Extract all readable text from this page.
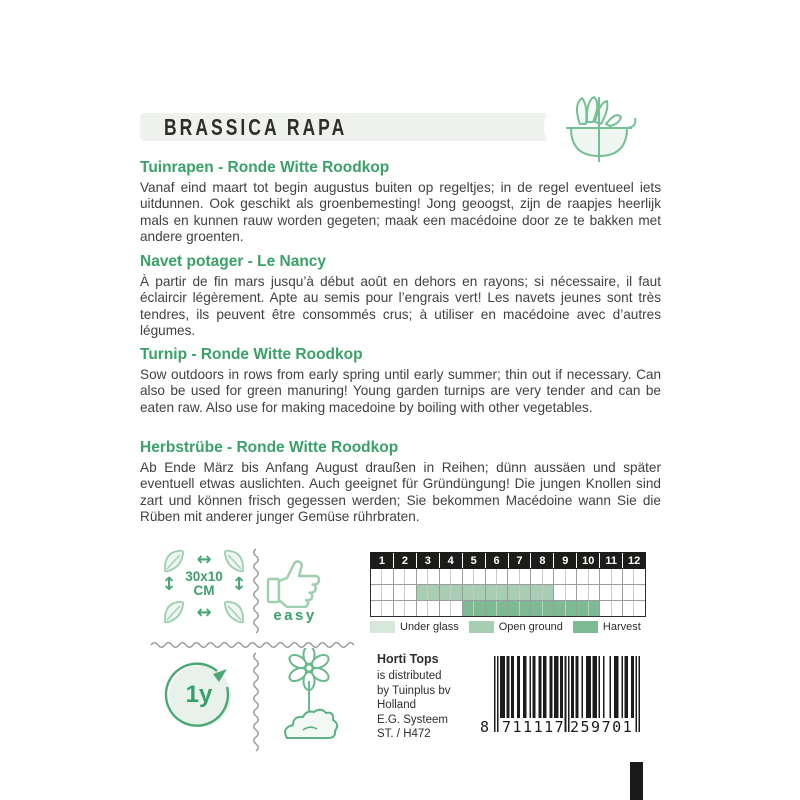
BRASSICA RAPA

Tuinrapen - Ronde Witte Roodkop

Vanaf eind maart tot begin augustus buiten op regeltjes; in de regel eventueel iets uitdunnen. Ook geschikt als groenbemesting! Jong geoogst, zijn de raapjes heerlijk mals en kunnen rauw worden gegeten; maak een macédoine door ze te bakken met andere groenten.

Navet potager - Le Nancy

À partir de fin mars jusqu’à début août en dehors en rayons; si nécessaire, il faut éclaircir légèrement. Apte au semis pour l’engrais vert! Les navets jeunes sont très tendres, ils peuvent être consommés crus; à utiliser en macédoine avec d’autres légumes.

Turnip - Ronde Witte Roodkop

Sow outdoors in rows from early spring until early summer; thin out if necessary. Can also be used for green manuring! Young garden turnips are very tender and can be eaten raw. Also use for making macedoine by boiling with other vegetables.

Herbstrübe - Ronde Witte Roodkop

Ab Ende März bis Anfang August draußen in Reihen; dünn aussäen und später eventuell etwas auslichten. Auch geeignet für Gründüngung! Die jungen Knollen sind zart und können frisch gegessen werden; Sie bekommen Macédoine wann Sie die Rüben mit anderer junger Gemüse rührbraten.

↔
↔
↕	↕
30x10
CM
easy
1y
1	2	3	4	5	6	7	8	9	10 11 12
Under glass	Open ground	Harvest
Horti Tops
is distributed
by Tuinplus bv
Holland
E.G. Systeem
ST. / H472	8 711117 259701
